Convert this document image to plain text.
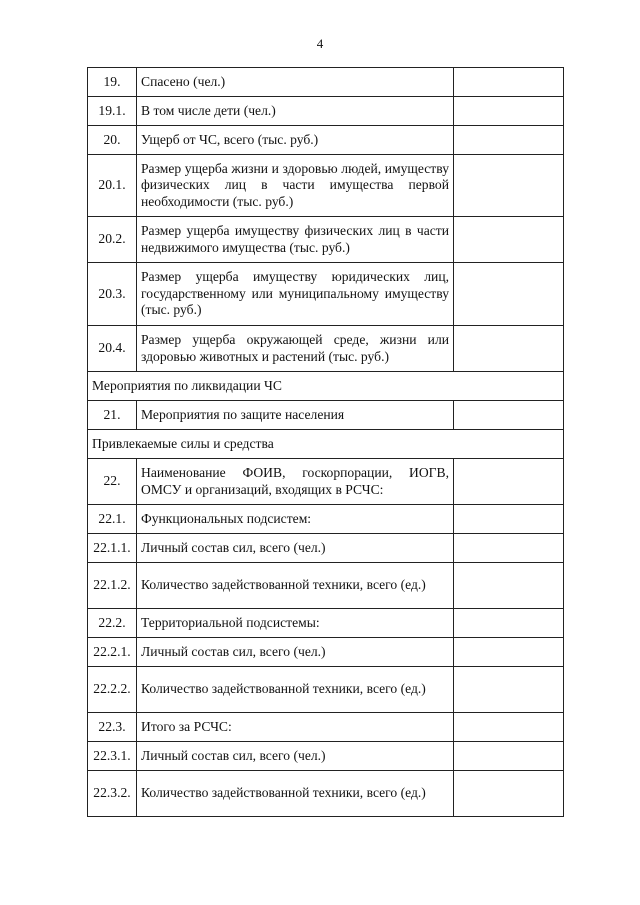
4
19.	Спасено (чел.)	
19.1.	В том числе дети (чел.)	
20.	Ущерб от ЧС, всего (тыс. руб.)	
20.1.	Размер ущерба жизни и здоровью людей, имуществу физических лиц в части имущества первой необходимости (тыс. руб.)	
20.2.	Размер ущерба имуществу физических лиц в части недвижимого имущества (тыс. руб.)	
20.3.	Размер ущерба имуществу юридических лиц, государственному или муниципальному имуществу (тыс. руб.)	
20.4.	Размер ущерба окружающей среде, жизни или здоровью животных и растений (тыс. руб.)	
Мероприятия по ликвидации ЧС		
21.	Мероприятия по защите населения	
Привлекаемые силы и средства		
22.	Наименование ФОИВ, госкорпорации, ИОГВ, ОМСУ и организаций, входящих в РСЧС:	
22.1.	Функциональных подсистем:	
22.1.1.	Личный состав сил, всего (чел.)	
22.1.2.	Количество задействованной техники, всего (ед.)	
22.2.	Территориальной подсистемы:	
22.2.1.	Личный состав сил, всего (чел.)	
22.2.2.	Количество задействованной техники, всего (ед.)	
22.3.	Итого за РСЧС:	
22.3.1.	Личный состав сил, всего (чел.)	
22.3.2.	Количество задействованной техники, всего (ед.)	
